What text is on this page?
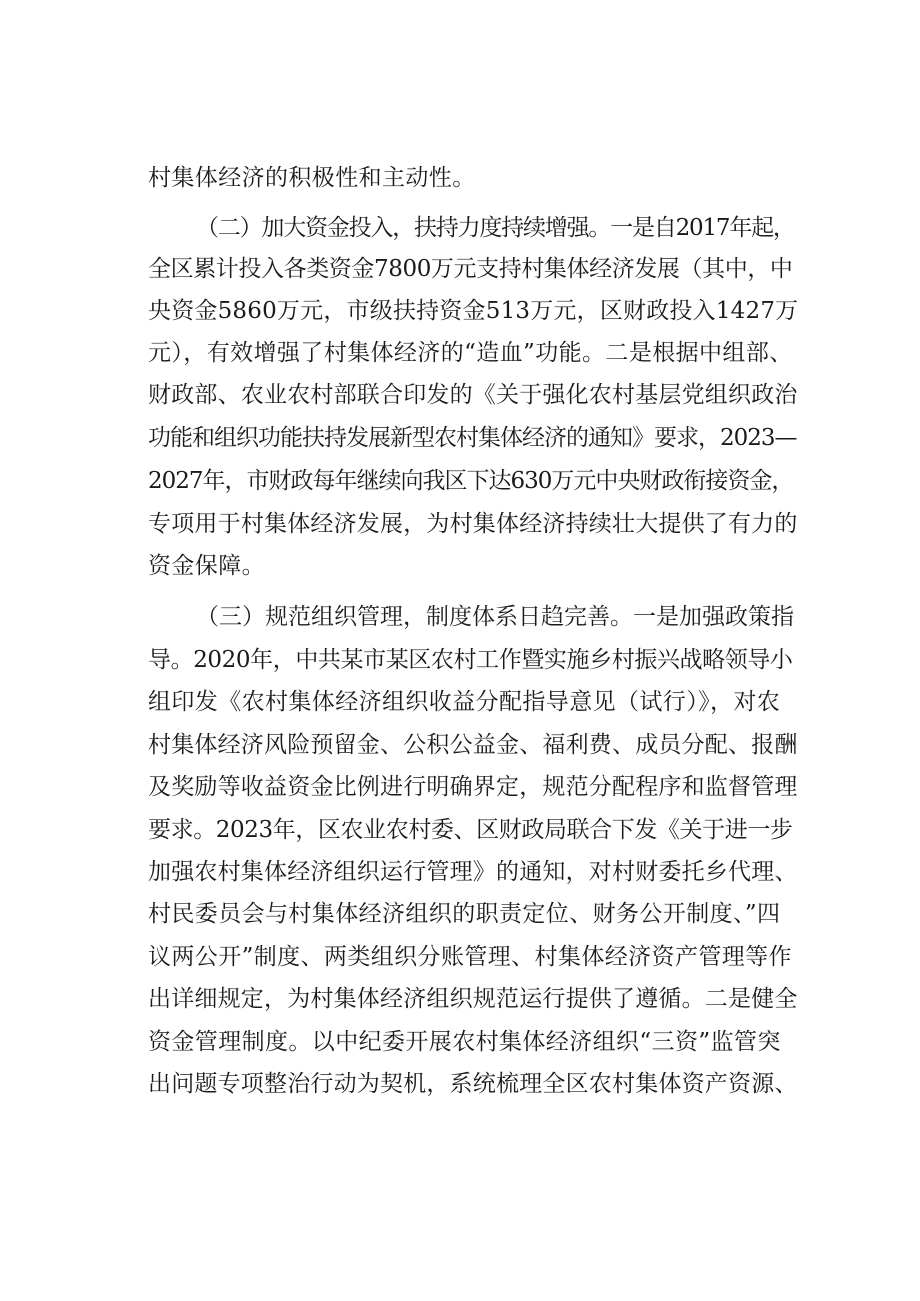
村集体经济的积极性和主动性。
（二）加大资金投入，扶持力度持续增强。一是自2017年起，
全区累计投入各类资金7800万元支持村集体经济发展（其中，中
央资金5860万元，市级扶持资金513万元，区财政投入1427万
元），有效增强了村集体经济的“造血”功能。二是根据中组部、
财政部、农业农村部联合印发的《关于强化农村基层党组织政治
功能和组织功能扶持发展新型农村集体经济的通知》要求，2023—
2027年，市财政每年继续向我区下达630万元中央财政衔接资金，
专项用于村集体经济发展，为村集体经济持续壮大提供了有力的
资金保障。
（三）规范组织管理，制度体系日趋完善。一是加强政策指
导。2020年，中共某市某区农村工作暨实施乡村振兴战略领导小
组印发《农村集体经济组织收益分配指导意见（试行）》，对农
村集体经济风险预留金、公积公益金、福利费、成员分配、报酬
及奖励等收益资金比例进行明确界定，规范分配程序和监督管理
要求。2023年，区农业农村委、区财政局联合下发《关于进一步
加强农村集体经济组织运行管理》的通知，对村财委托乡代理、
村民委员会与村集体经济组织的职责定位、财务公开制度、”四
议两公开”制度、两类组织分账管理、村集体经济资产管理等作
出详细规定，为村集体经济组织规范运行提供了遵循。二是健全
资金管理制度。以中纪委开展农村集体经济组织“三资”监管突
出问题专项整治行动为契机，系统梳理全区农村集体资产资源、
